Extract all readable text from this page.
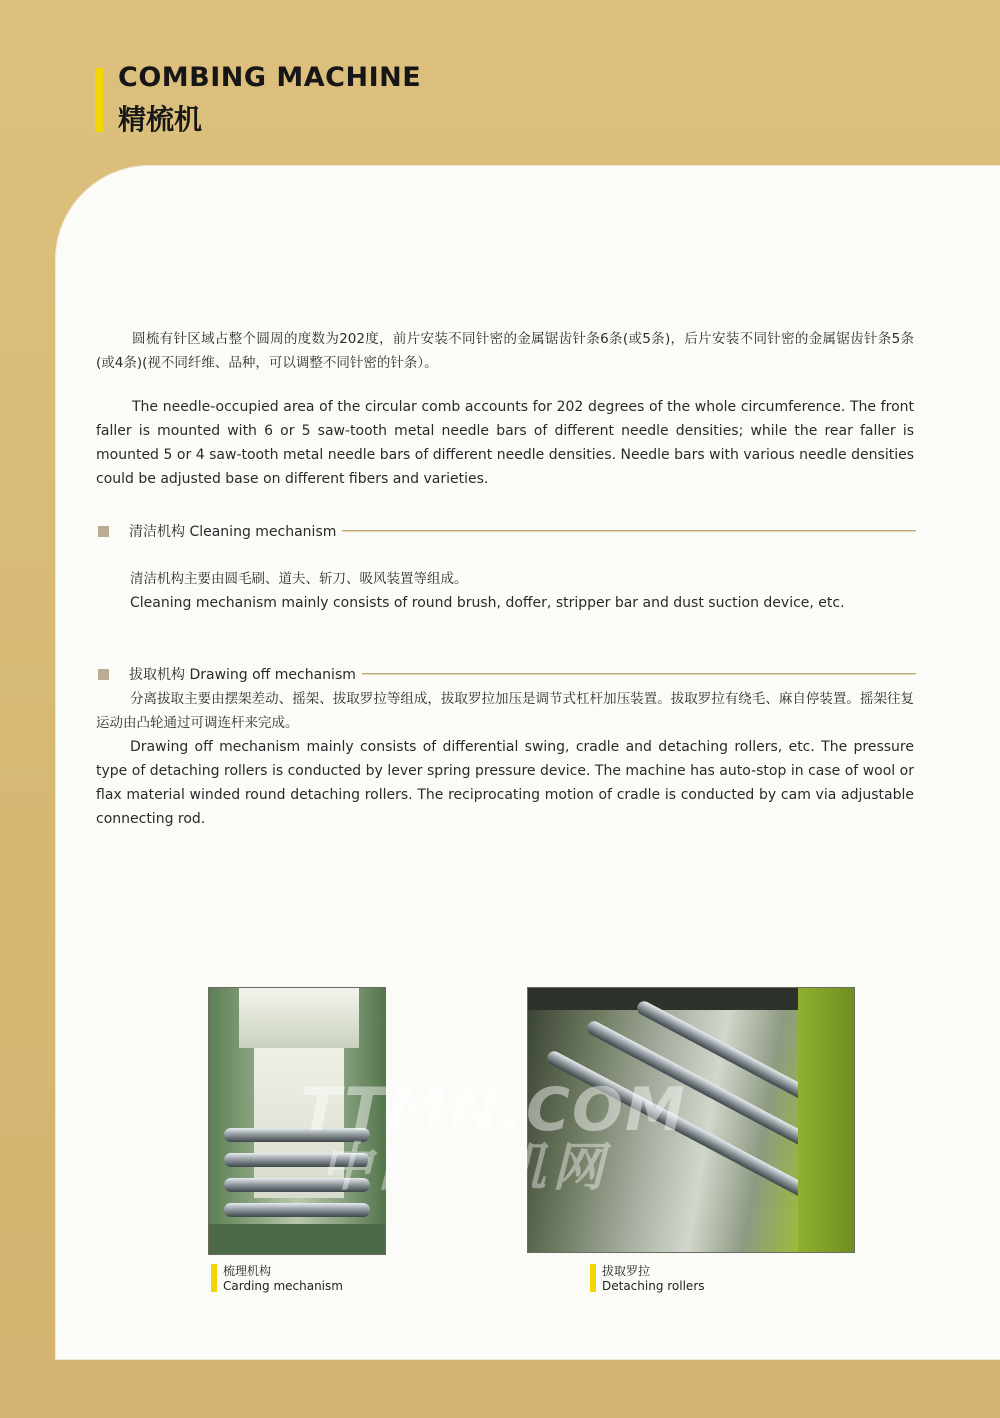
COMBING MACHINE
精梳机

圆梳有针区域占整个圆周的度数为202度，前片安装不同针密的金属锯齿针条6条(或5条)，后片安装不同针密的金属锯齿针条5条(或4条)(视不同纤维、品种，可以调整不同针密的针条）。

The needle-occupied area of the circular comb accounts for 202 degrees of the whole circumference. The front faller is mounted with 6 or 5 saw-tooth metal needle bars of different needle densities; while the rear faller is mounted 5 or 4 saw-tooth metal needle bars of different needle densities. Needle bars with various needle densities could be adjusted base on different fibers and varieties.

清洁机构 Cleaning mechanism

清洁机构主要由圆毛刷、道夫、斩刀、吸风装置等组成。

Cleaning mechanism mainly consists of round brush, doffer, stripper bar and dust suction device, etc.

拔取机构 Drawing off mechanism

分离拔取主要由摆架差动、摇架、拔取罗拉等组成，拔取罗拉加压是调节式杠杆加压装置。拔取罗拉有绕毛、麻自停装置。摇架往复运动由凸轮通过可调连杆来完成。

Drawing off mechanism mainly consists of differential swing, cradle and detaching rollers, etc. The pressure type of detaching rollers is conducted by lever spring pressure device. The machine has auto-stop in case of wool or flax material winded round detaching rollers. The reciprocating motion of cradle is conducted by cam via adjustable connecting rod.

TTMN.COM
中国纺机网
梳理机构
Carding mechanism
拔取罗拉
Detaching rollers
